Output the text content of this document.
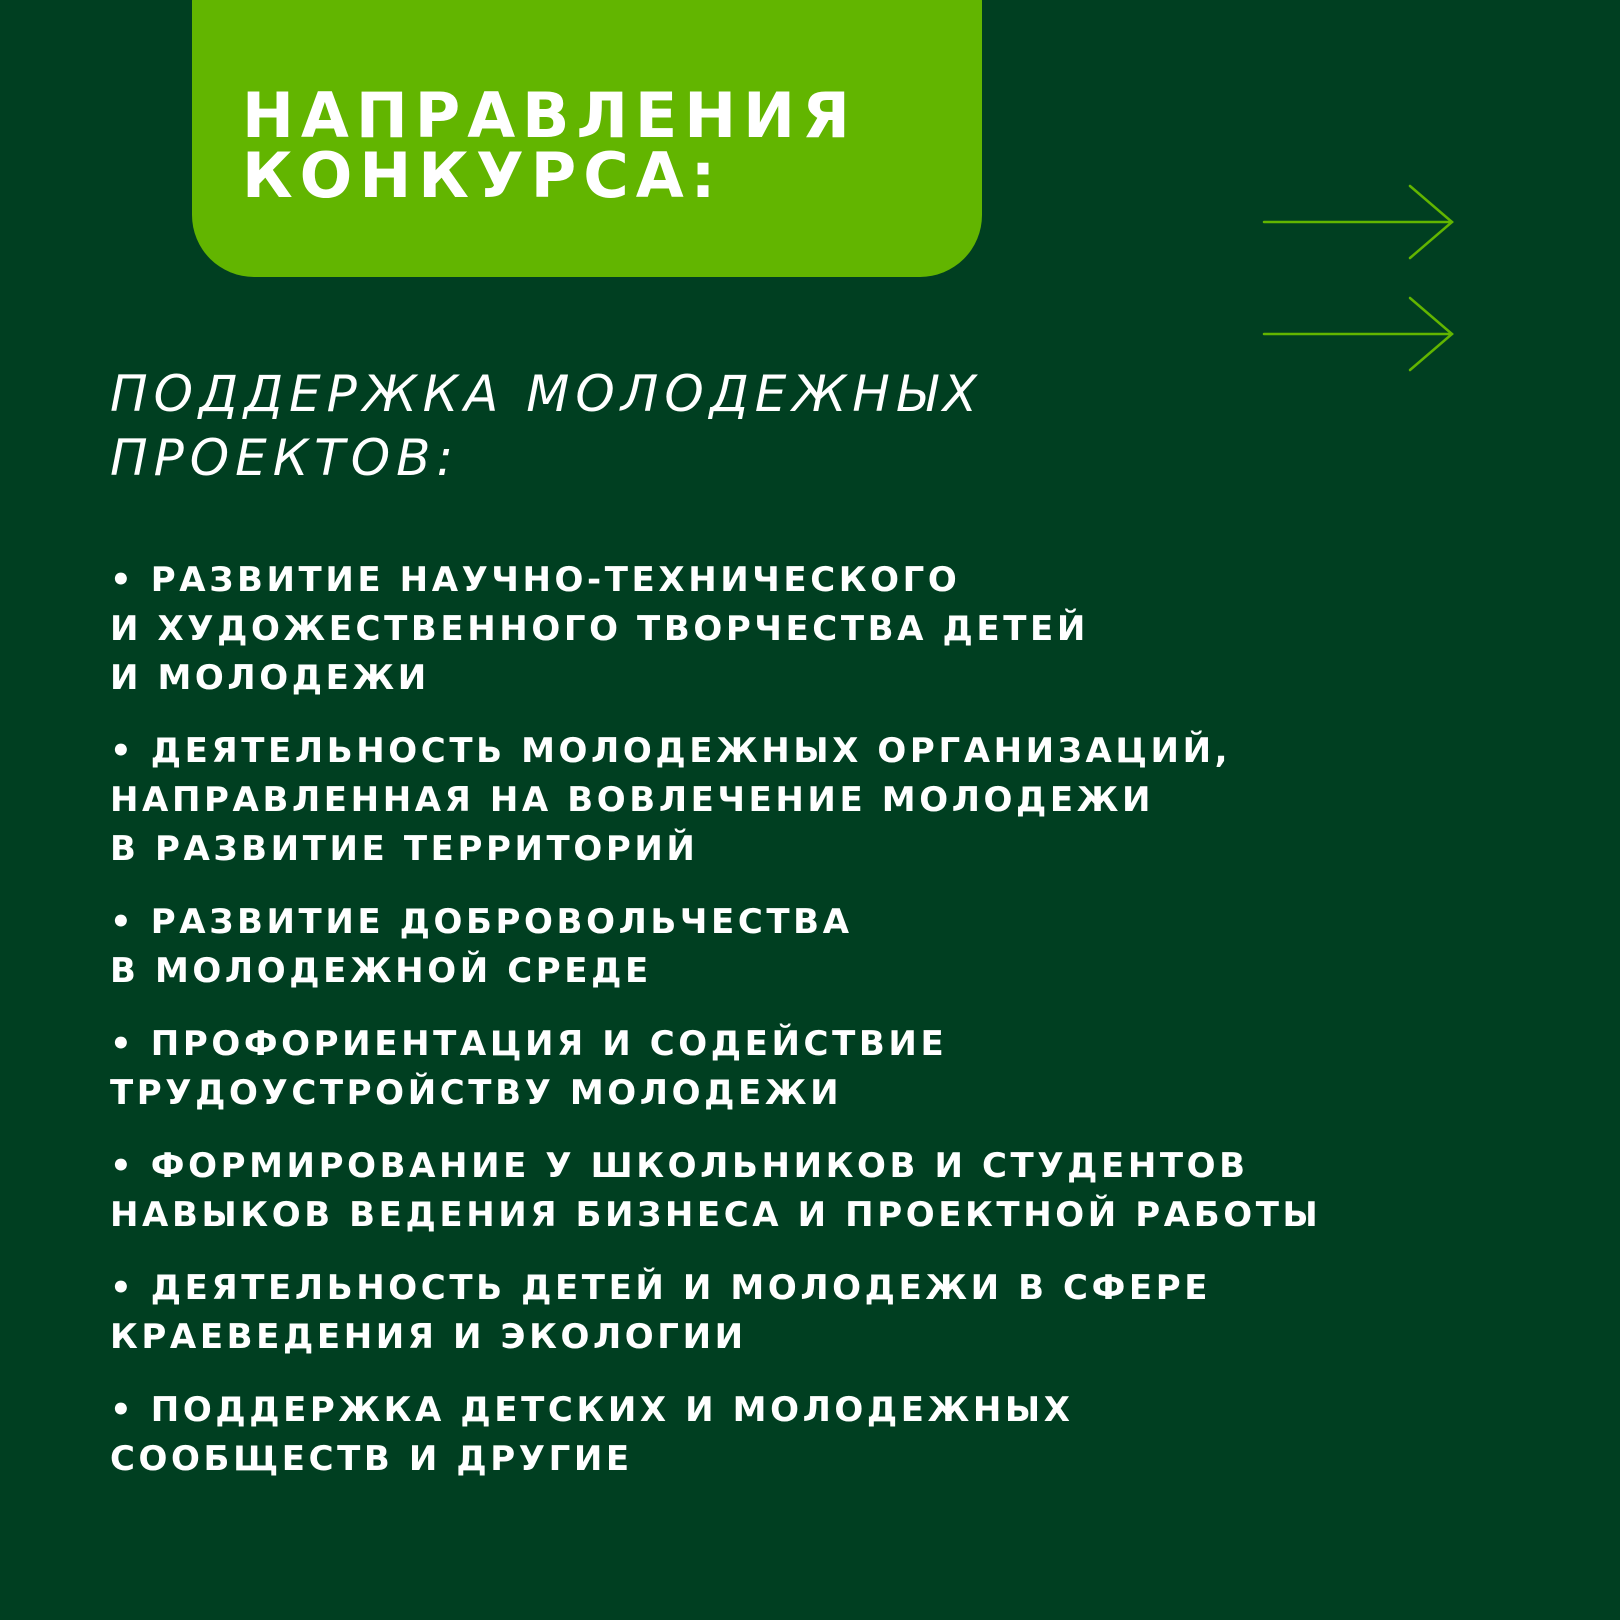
НАПРАВЛЕНИЯ
КОНКУРСА:
ПОДДЕРЖКА МОЛОДЕЖНЫХ
ПРОЕКТОВ:
• РАЗВИТИЕ НАУЧНО-ТЕХНИЧЕСКОГО
И ХУДОЖЕСТВЕННОГО ТВОРЧЕСТВА ДЕТЕЙ
И МОЛОДЕЖИ
• ДЕЯТЕЛЬНОСТЬ МОЛОДЕЖНЫХ ОРГАНИЗАЦИЙ,
НАПРАВЛЕННАЯ НА ВОВЛЕЧЕНИЕ МОЛОДЕЖИ
В РАЗВИТИЕ ТЕРРИТОРИЙ
• РАЗВИТИЕ ДОБРОВОЛЬЧЕСТВА
В МОЛОДЕЖНОЙ СРЕДЕ
• ПРОФОРИЕНТАЦИЯ И СОДЕЙСТВИЕ
ТРУДОУСТРОЙСТВУ МОЛОДЕЖИ
• ФОРМИРОВАНИЕ У ШКОЛЬНИКОВ И СТУДЕНТОВ
НАВЫКОВ ВЕДЕНИЯ БИЗНЕСА И ПРОЕКТНОЙ РАБОТЫ
• ДЕЯТЕЛЬНОСТЬ ДЕТЕЙ И МОЛОДЕЖИ В СФЕРЕ
КРАЕВЕДЕНИЯ И ЭКОЛОГИИ
• ПОДДЕРЖКА ДЕТСКИХ И МОЛОДЕЖНЫХ
СООБЩЕСТВ И ДРУГИЕ
